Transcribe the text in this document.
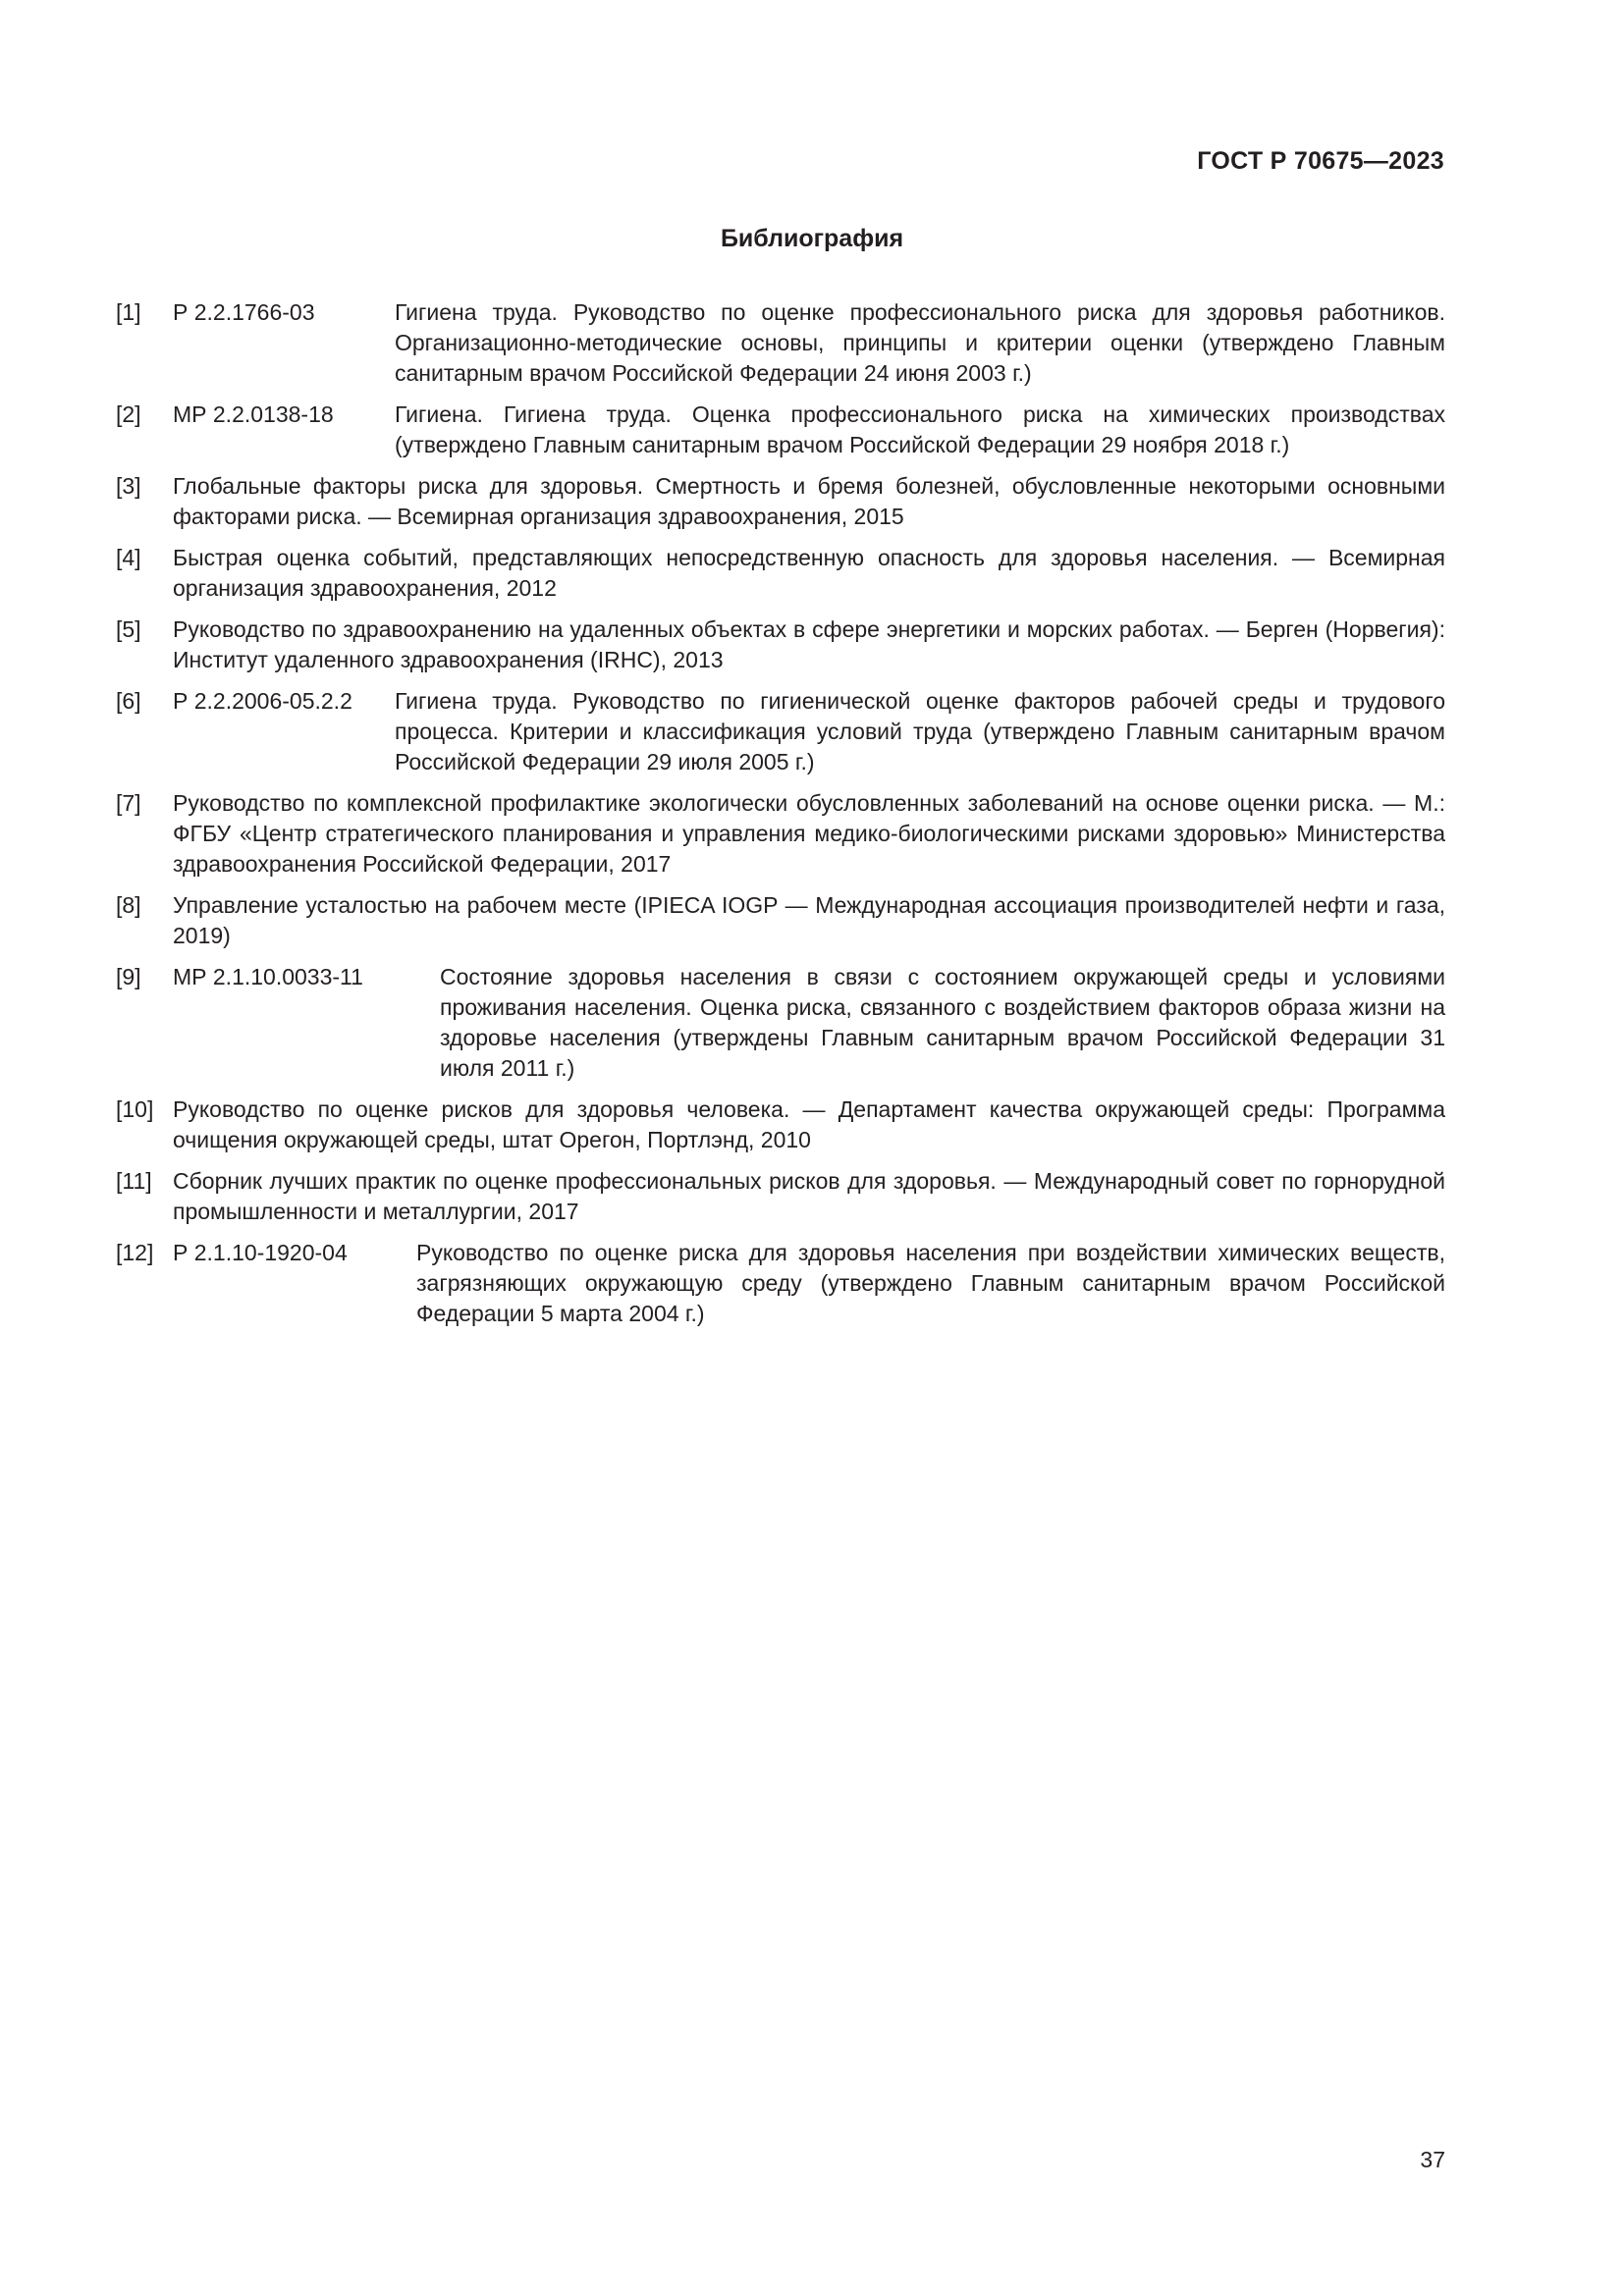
ГОСТ Р 70675—2023
Библиография
[1]	Р 2.2.1766-03	Гигиена труда. Руководство по оценке профессионального риска для здоровья работников. Организационно-методические основы, принципы и критерии оценки (утверждено Главным санитарным врачом Российской Федерации 24 июня 2003 г.)
[2]	МР 2.2.0138-18	Гигиена. Гигиена труда. Оценка профессионального риска на химических производствах (утверждено Главным санитарным врачом Российской Федерации 29 ноября 2018 г.)
[3]	Глобальные факторы риска для здоровья. Смертность и бремя болезней, обусловленные некоторыми основными факторами риска. — Всемирная организация здравоохранения, 2015
[4]	Быстрая оценка событий, представляющих непосредственную опасность для здоровья населения. — Всемирная организация здравоохранения, 2012
[5]	Руководство по здравоохранению на удаленных объектах в сфере энергетики и морских работах. — Берген (Норвегия): Институт удаленного здравоохранения (IRHC), 2013
[6]	Р 2.2.2006-05.2.2	Гигиена труда. Руководство по гигиенической оценке факторов рабочей среды и трудового процесса. Критерии и классификация условий труда (утверждено Главным санитарным врачом Российской Федерации 29 июля 2005 г.)
[7]	Руководство по комплексной профилактике экологически обусловленных заболеваний на основе оценки риска. — М.: ФГБУ «Центр стратегического планирования и управления медико-биологическими рисками здоровью» Министерства здравоохранения Российской Федерации, 2017
[8]	Управление усталостью на рабочем месте (IPIECA IOGP — Международная ассоциация производителей нефти и газа, 2019)
[9]	МР 2.1.10.0033-11	Состояние здоровья населения в связи с состоянием окружающей среды и условиями проживания населения. Оценка риска, связанного с воздействием факторов образа жизни на здоровье населения (утверждены Главным санитарным врачом Российской Федерации 31 июля 2011 г.)
[10] Руководство по оценке рисков для здоровья человека. — Департамент качества окружающей среды: Программа очищения окружающей среды, штат Орегон, Портлэнд, 2010
[11] Сборник лучших практик по оценке профессиональных рисков для здоровья. — Международный совет по горнорудной промышленности и металлургии, 2017
[12] Р 2.1.10-1920-04	Руководство по оценке риска для здоровья населения при воздействии химических веществ, загрязняющих окружающую среду (утверждено Главным санитарным врачом Российской Федерации 5 марта 2004 г.)
37
